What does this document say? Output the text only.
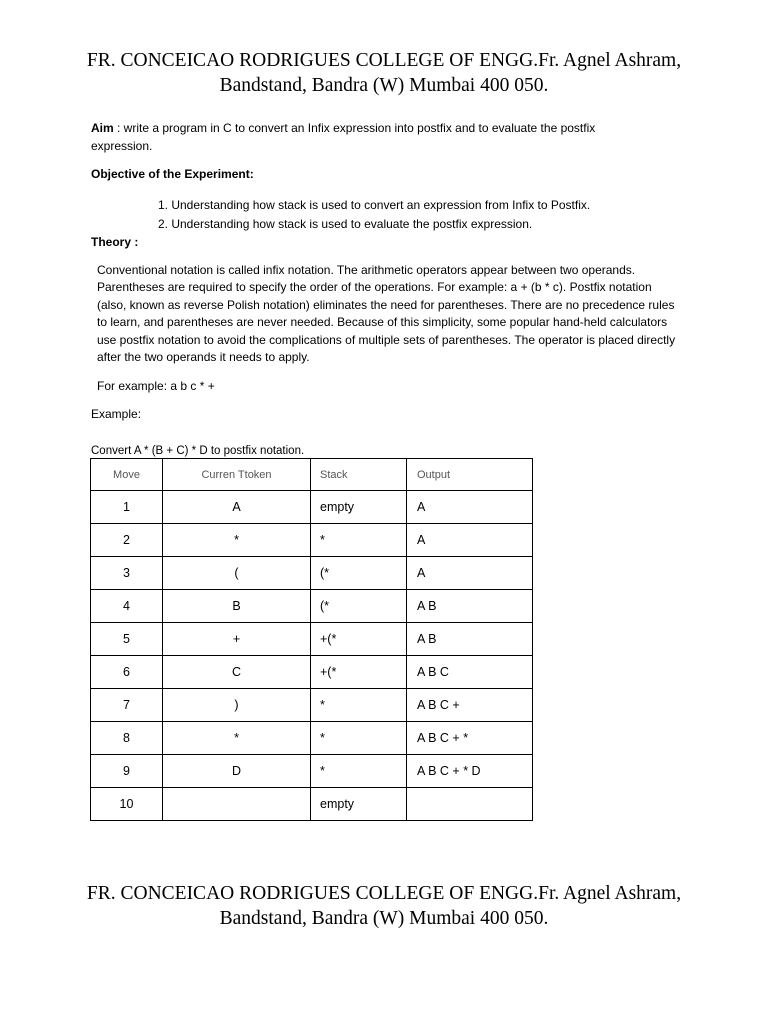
FR. CONCEICAO RODRIGUES COLLEGE OF ENGG.Fr. Agnel Ashram,
Bandstand, Bandra (W) Mumbai 400 050.
Aim : write a program in C to convert an Infix expression into postfix and to evaluate the postfix expression.
Objective of the Experiment:
1. Understanding how stack is used to convert an expression from Infix to Postfix.
2. Understanding how stack is used to evaluate the postfix expression.
Theory :
Conventional notation is called infix notation. The arithmetic operators appear between two operands. Parentheses are required to specify the order of the operations. For example: a + (b * c). Postfix notation (also, known as reverse Polish notation) eliminates the need for parentheses. There are no precedence rules to learn, and parentheses are never needed. Because of this simplicity, some popular hand-held calculators use postfix notation to avoid the complications of multiple sets of parentheses. The operator is placed directly after the two operands it needs to apply.
For example: a b c * +
Example:
Convert A * (B + C) * D to postfix notation.
Move	Curren Ttoken	Stack	Output
1	A	empty	A
2	*	*	A
3	(	(*	A
4	B	(*	A B
5	+	+(*	A B
6	C	+(*	A B C
7	)	*	A B C +
8	*	*	A B C + *
9	D	*	A B C + * D
10		empty	
FR. CONCEICAO RODRIGUES COLLEGE OF ENGG.Fr. Agnel Ashram,
Bandstand, Bandra (W) Mumbai 400 050.
